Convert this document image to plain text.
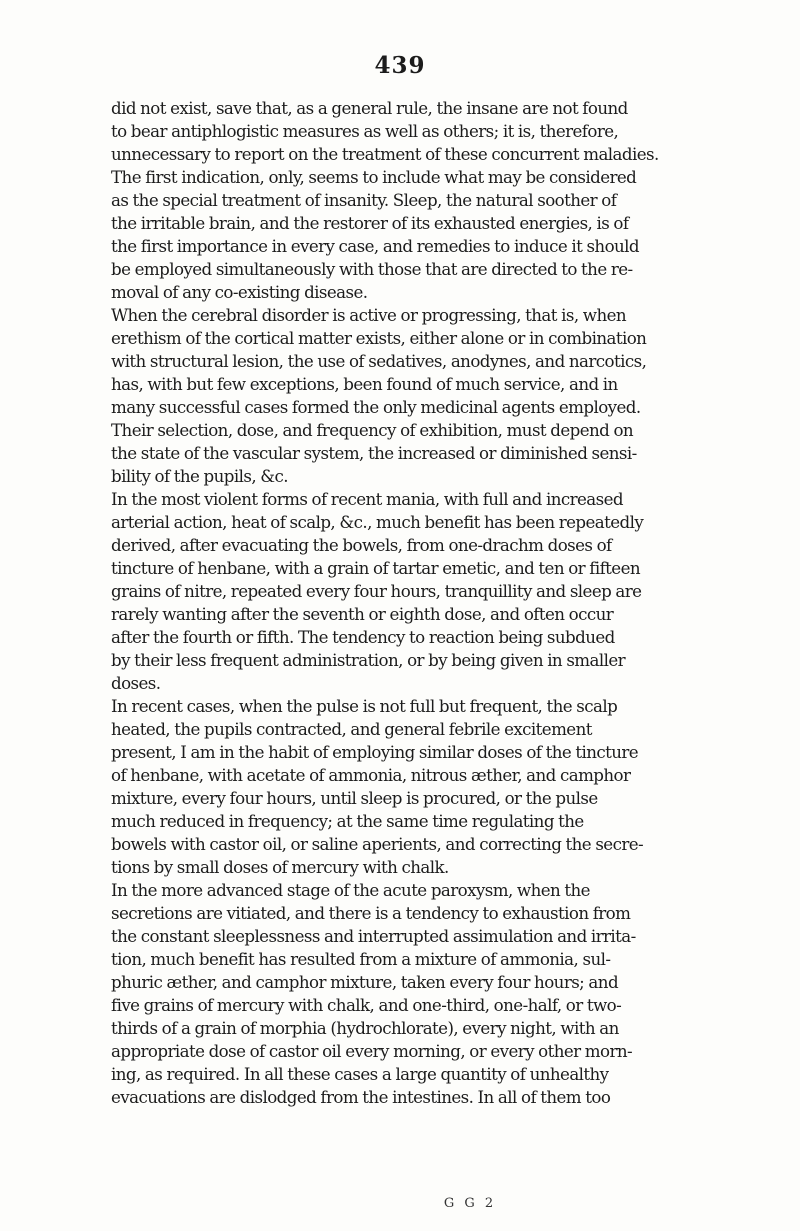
439
did not exist, save that, as a general rule, the insane are not found
to bear antiphlogistic measures as well as others; it is, therefore,
unnecessary to report on the treatment of these concurrent maladies.
The first indication, only, seems to include what may be considered
as the special treatment of insanity. Sleep, the natural soother of
the irritable brain, and the restorer of its exhausted energies, is of
the first importance in every case, and remedies to induce it should
be employed simultaneously with those that are directed to the re-
moval of any co-existing disease.
When the cerebral disorder is active or progressing, that is, when
erethism of the cortical matter exists, either alone or in combination
with structural lesion, the use of sedatives, anodynes, and narcotics,
has, with but few exceptions, been found of much service, and in
many successful cases formed the only medicinal agents employed.
Their selection, dose, and frequency of exhibition, must depend on
the state of the vascular system, the increased or diminished sensi-
bility of the pupils, &c.
In the most violent forms of recent mania, with full and increased
arterial action, heat of scalp, &c., much benefit has been repeatedly
derived, after evacuating the bowels, from one-drachm doses of
tincture of henbane, with a grain of tartar emetic, and ten or fifteen
grains of nitre, repeated every four hours, tranquillity and sleep are
rarely wanting after the seventh or eighth dose, and often occur
after the fourth or fifth. The tendency to reaction being subdued
by their less frequent administration, or by being given in smaller
doses.
In recent cases, when the pulse is not full but frequent, the scalp
heated, the pupils contracted, and general febrile excitement
present, I am in the habit of employing similar doses of the tincture
of henbane, with acetate of ammonia, nitrous æther, and camphor
mixture, every four hours, until sleep is procured, or the pulse
much reduced in frequency; at the same time regulating the
bowels with castor oil, or saline aperients, and correcting the secre-
tions by small doses of mercury with chalk.
In the more advanced stage of the acute paroxysm, when the
secretions are vitiated, and there is a tendency to exhaustion from
the constant sleeplessness and interrupted assimulation and irrita-
tion, much benefit has resulted from a mixture of ammonia, sul-
phuric æther, and camphor mixture, taken every four hours; and
five grains of mercury with chalk, and one-third, one-half, or two-
thirds of a grain of morphia (hydrochlorate), every night, with an
appropriate dose of castor oil every morning, or every other morn-
ing, as required. In all these cases a large quantity of unhealthy
evacuations are dislodged from the intestines. In all of them too
G G 2
